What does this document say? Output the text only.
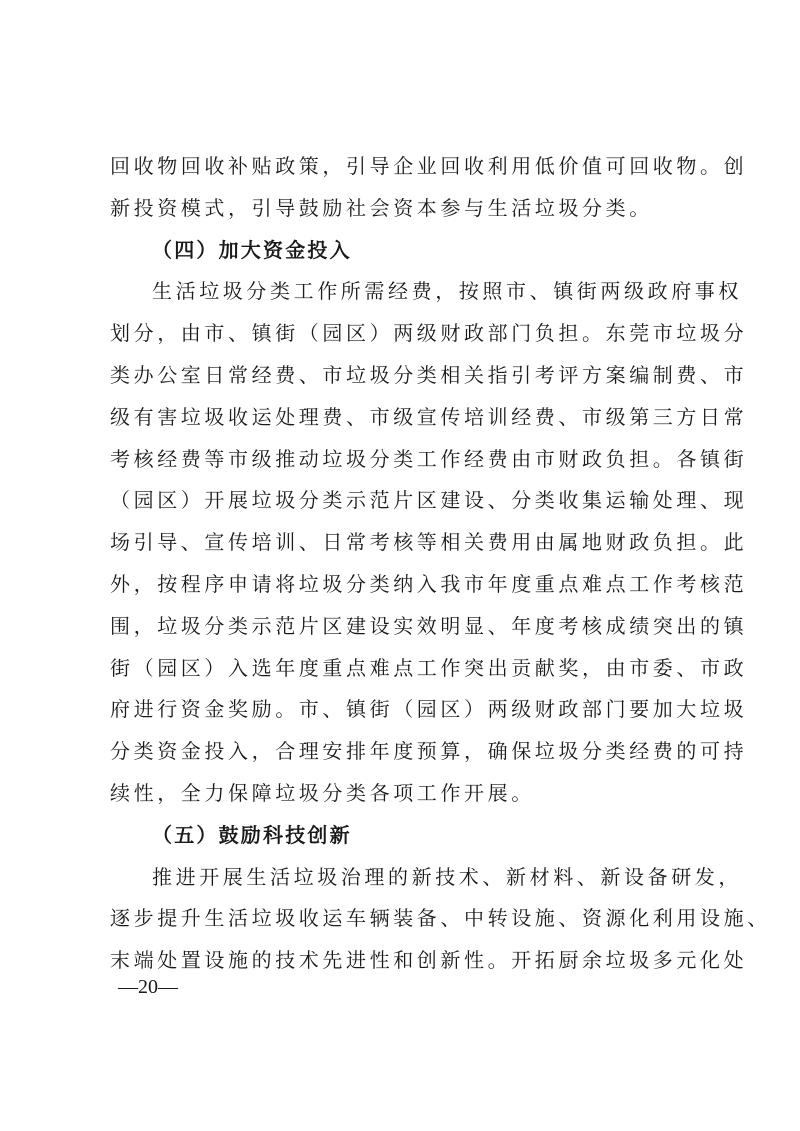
回收物回收补贴政策，引导企业回收利用低价值可回收物。创
新投资模式，引导鼓励社会资本参与生活垃圾分类。
（四）加大资金投入
生活垃圾分类工作所需经费，按照市、镇街两级政府事权
划分，由市、镇街（园区）两级财政部门负担。东莞市垃圾分
类办公室日常经费、市垃圾分类相关指引考评方案编制费、市
级有害垃圾收运处理费、市级宣传培训经费、市级第三方日常
考核经费等市级推动垃圾分类工作经费由市财政负担。各镇街
（园区）开展垃圾分类示范片区建设、分类收集运输处理、现
场引导、宣传培训、日常考核等相关费用由属地财政负担。此
外，按程序申请将垃圾分类纳入我市年度重点难点工作考核范
围，垃圾分类示范片区建设实效明显、年度考核成绩突出的镇
街（园区）入选年度重点难点工作突出贡献奖，由市委、市政
府进行资金奖励。市、镇街（园区）两级财政部门要加大垃圾
分类资金投入，合理安排年度预算，确保垃圾分类经费的可持
续性，全力保障垃圾分类各项工作开展。
（五）鼓励科技创新
推进开展生活垃圾治理的新技术、新材料、新设备研发，
逐步提升生活垃圾收运车辆装备、中转设施、资源化利用设施、
末端处置设施的技术先进性和创新性。开拓厨余垃圾多元化处
—20—
